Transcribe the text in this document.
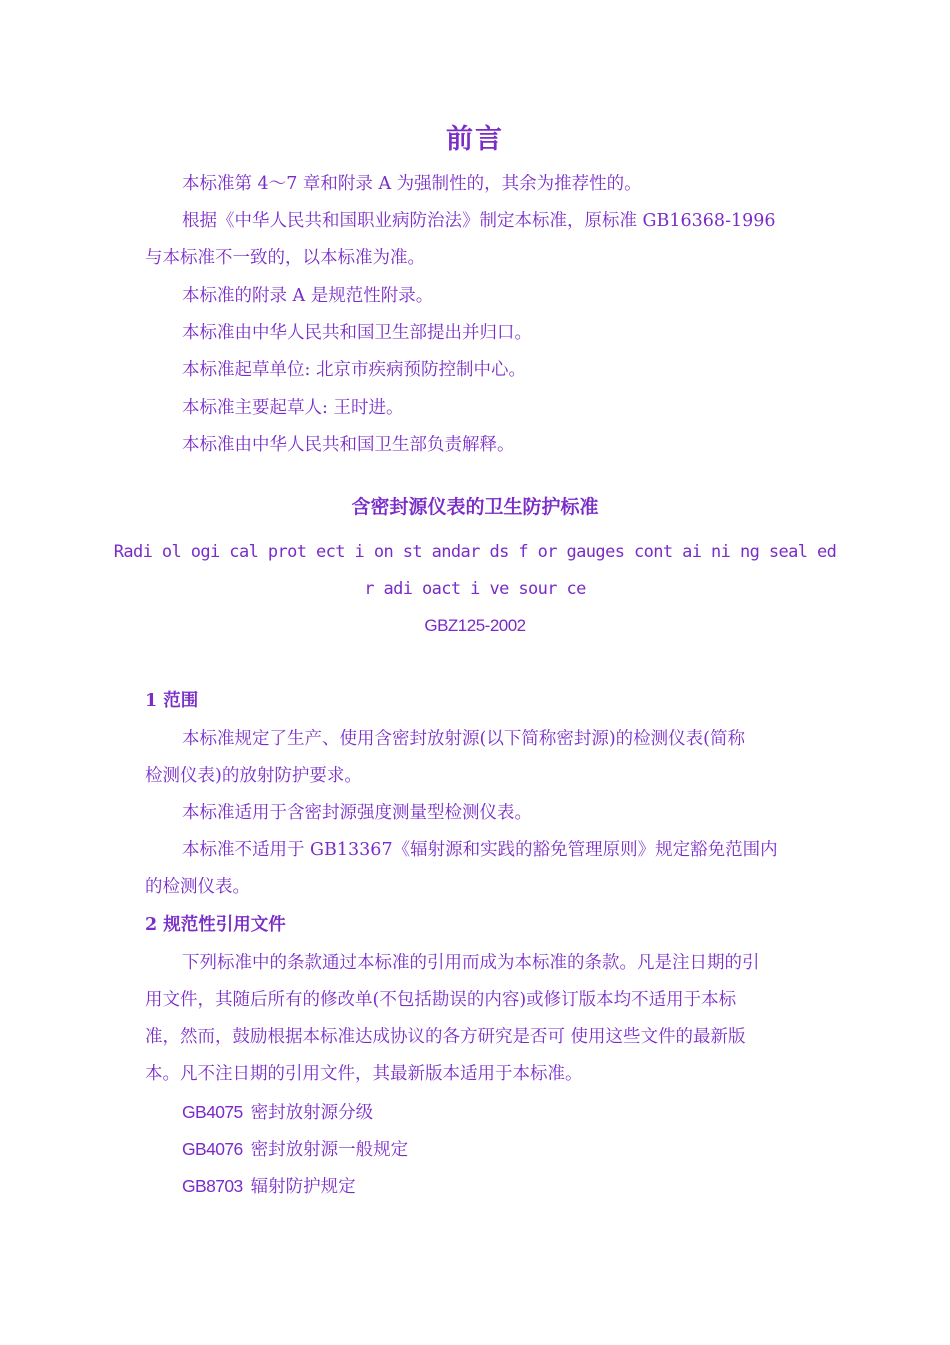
前言
本标准第 4～7 章和附录 A 为强制性的，其余为推荐性的。
根据《中华人民共和国职业病防治法》制定本标准，原标准 GB16368-1996
与本标准不一致的，以本标准为准。
本标准的附录 A 是规范性附录。
本标准由中华人民共和国卫生部提出并归口。
本标准起草单位: 北京市疾病预防控制中心。
本标准主要起草人: 王时进。
本标准由中华人民共和国卫生部负责解释。
含密封源仪表的卫生防护标准
Radi ol ogi cal prot ect i on st andar ds f or gauges cont ai ni ng seal ed
r adi oact i ve sour ce
GBZ125-2002
1 范围
本标准规定了生产、使用含密封放射源(以下简称密封源)的检测仪表(简称
检测仪表)的放射防护要求。
本标准适用于含密封源强度测量型检测仪表。
本标准不适用于 GB13367《辐射源和实践的豁免管理原则》规定豁免范围内
的检测仪表。
2 规范性引用文件
下列标准中的条款通过本标准的引用而成为本标准的条款。凡是注日期的引
用文件，其随后所有的修改单(不包括勘误的内容)或修订版本均不适用于本标
准，然而，鼓励根据本标准达成协议的各方研究是否可 使用这些文件的最新版
本。凡不注日期的引用文件，其最新版本适用于本标准。
GB4075 密封放射源分级
GB4076 密封放射源一般规定
GB8703 辐射防护规定
